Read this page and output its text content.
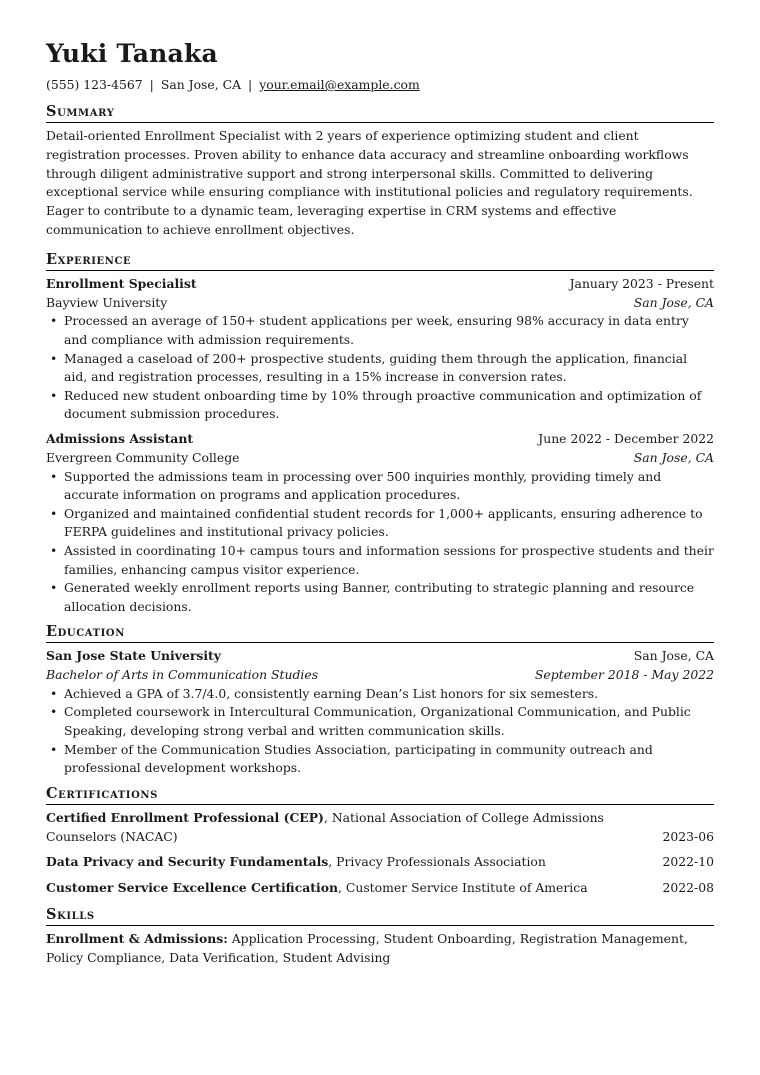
Yuki Tanaka
(555) 123-4567 | San Jose, CA | your.email@example.com
Summary

Detail-oriented Enrollment Specialist with 2 years of experience optimizing student and client registration processes. Proven ability to enhance data accuracy and streamline onboarding workflows through diligent administrative support and strong interpersonal skills. Committed to delivering exceptional service while ensuring compliance with institutional policies and regulatory requirements. Eager to contribute to a dynamic team, leveraging expertise in CRM systems and effective communication to achieve enrollment objectives.

Experience
Enrollment Specialist	January 2023 - Present
Bayview University	San Jose, CA
• Processed an average of 150+ student applications per week, ensuring 98% accuracy in data entry and compliance with admission requirements.
• Managed a caseload of 200+ prospective students, guiding them through the application, financial aid, and registration processes, resulting in a 15% increase in conversion rates.
• Reduced new student onboarding time by 10% through proactive communication and optimization of document submission procedures.
Admissions Assistant	June 2022 - December 2022
Evergreen Community College	San Jose, CA
• Supported the admissions team in processing over 500 inquiries monthly, providing timely and accurate information on programs and application procedures.
• Organized and maintained confidential student records for 1,000+ applicants, ensuring adherence to FERPA guidelines and institutional privacy policies.
• Assisted in coordinating 10+ campus tours and information sessions for prospective students and their families, enhancing campus visitor experience.
• Generated weekly enrollment reports using Banner, contributing to strategic planning and resource allocation decisions.
Education
San Jose State University	San Jose, CA
Bachelor of Arts in Communication Studies	September 2018 - May 2022
• Achieved a GPA of 3.7/4.0, consistently earning Dean’s List honors for six semesters.
• Completed coursework in Intercultural Communication, Organizational Communication, and Public Speaking, developing strong verbal and written communication skills.
• Member of the Communication Studies Association, participating in community outreach and professional development workshops.
Certifications
Certified Enrollment Professional (CEP), National Association of College Admissions Counselors (NACAC)	2023-06
Data Privacy and Security Fundamentals, Privacy Professionals Association	2022-10
Customer Service Excellence Certification, Customer Service Institute of America	2022-08
Skills
Enrollment & Admissions: Application Processing, Student Onboarding, Registration Management, Policy Compliance, Data Verification, Student Advising
